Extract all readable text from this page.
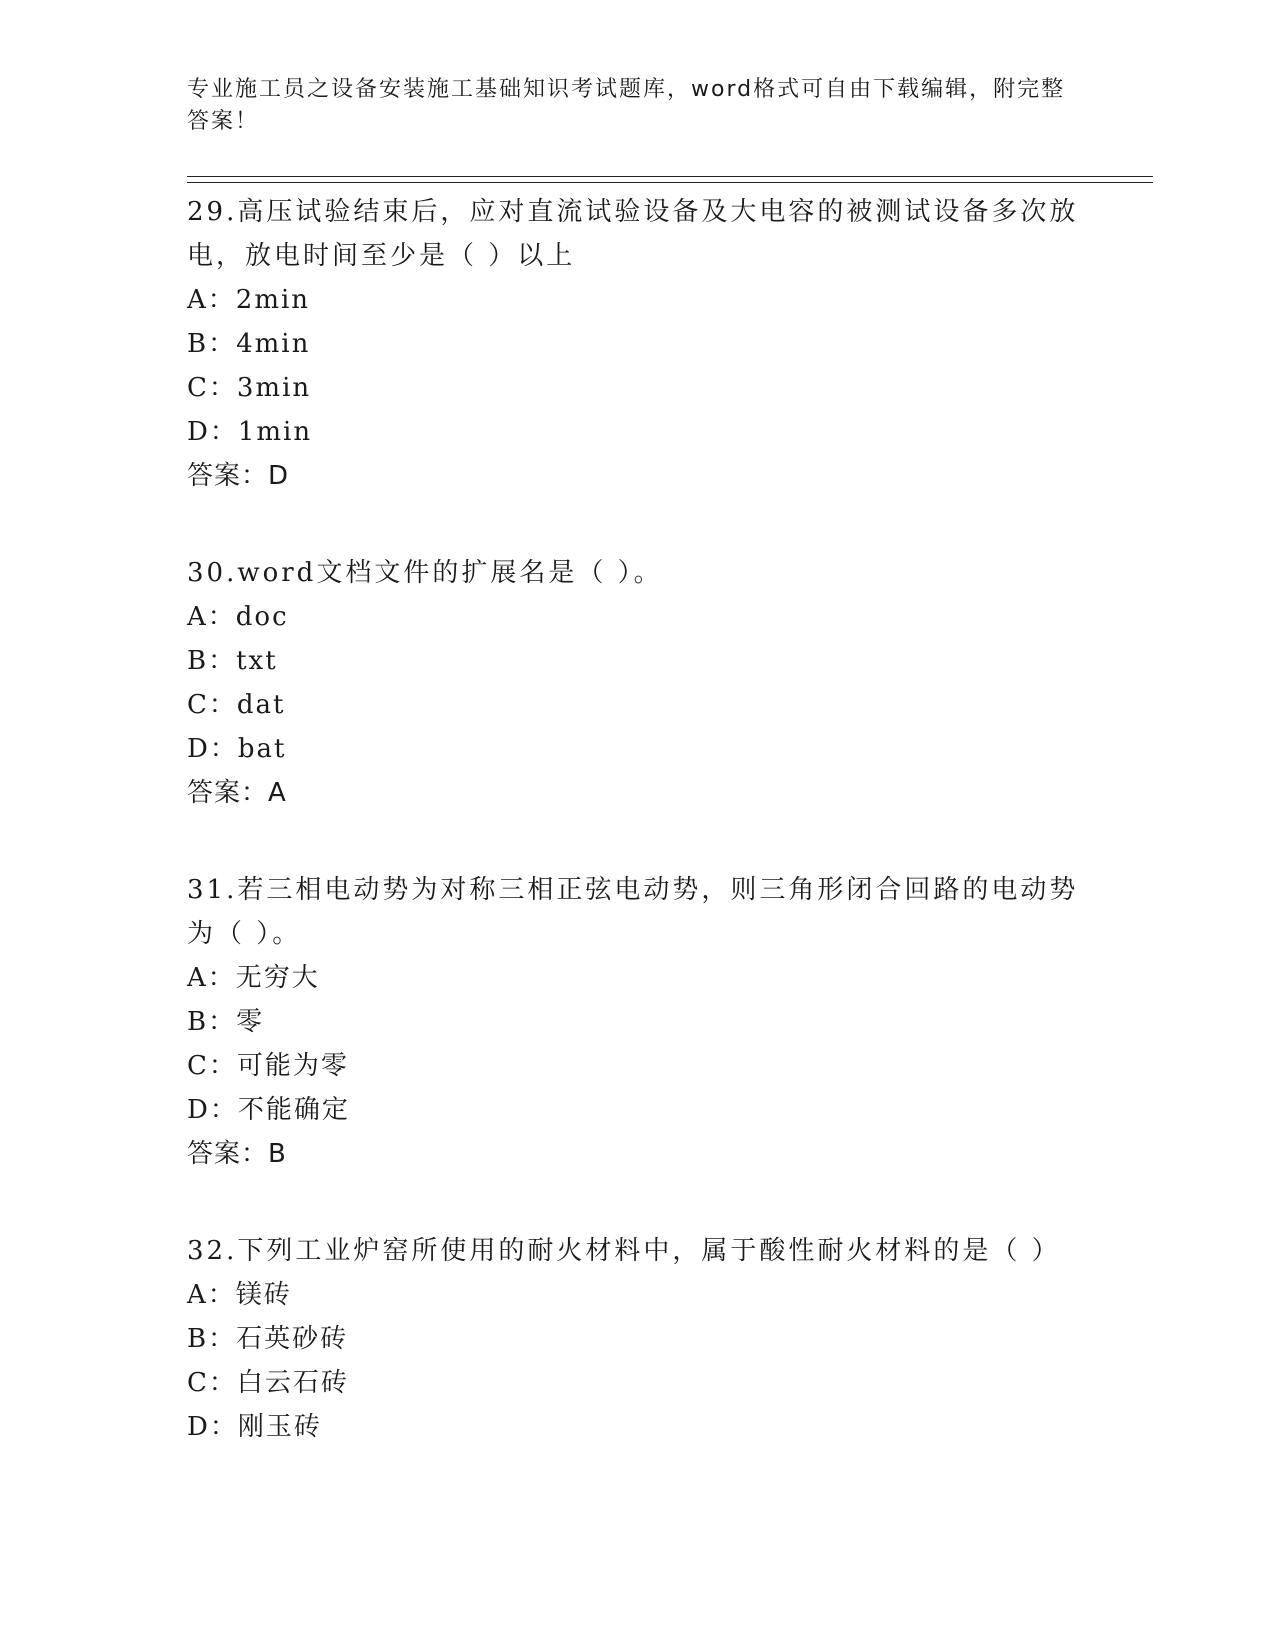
专业施工员之设备安装施工基础知识考试题库，word格式可自由下载编辑，附完整答案！
29.高压试验结束后，应对直流试验设备及大电容的被测试设备多次放电，放电时间至少是（ ）以上
A：2min
B：4min
C：3min
D：1min
答案：D
30.word文档文件的扩展名是（ ）。
A：doc
B：txt
C：dat
D：bat
答案：A
31.若三相电动势为对称三相正弦电动势，则三角形闭合回路的电动势为（ ）。
A：无穷大
B：零
C：可能为零
D：不能确定
答案：B
32.下列工业炉窑所使用的耐火材料中，属于酸性耐火材料的是（ ）
A：镁砖
B：石英砂砖
C：白云石砖
D：刚玉砖
